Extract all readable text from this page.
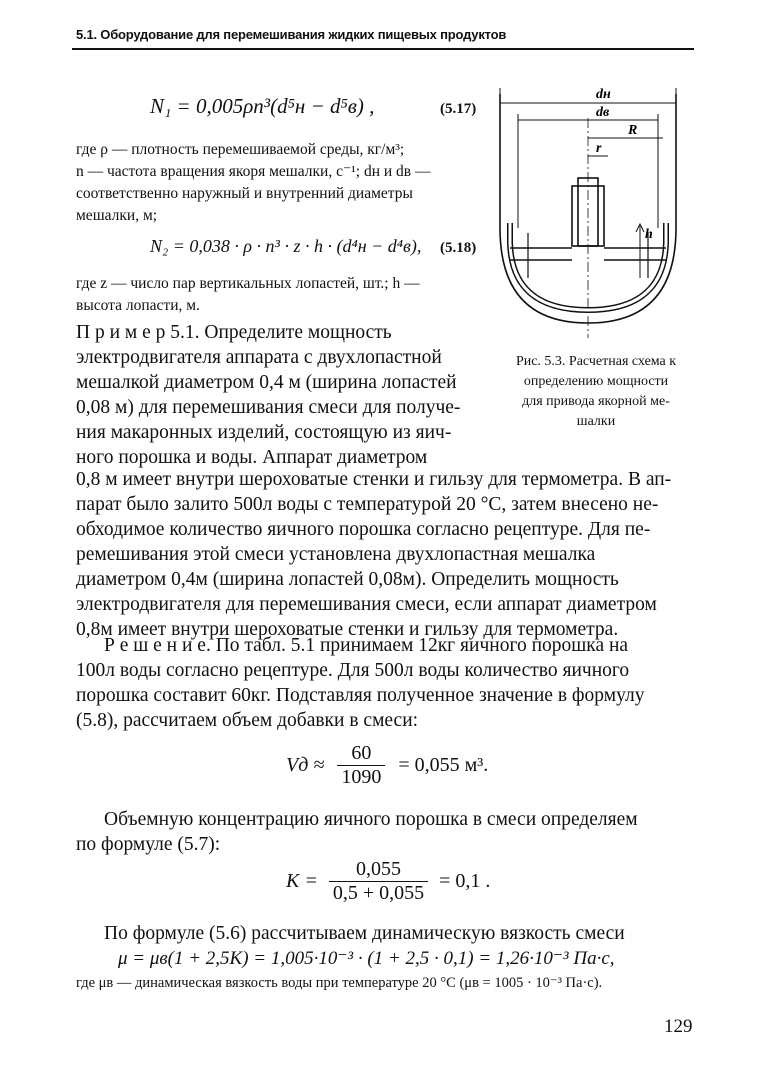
5.1. Оборудование для перемешивания жидких пищевых продуктов
N₁ = 0,005ρn³(d⁵н − d⁵в) ,	(5.17)
где ρ — плотность перемешиваемой среды, кг/м³;
n — частота вращения якоря мешалки, с⁻¹; dн и dв —
соответственно наружный и внутренний диаметры
мешалки, м;
N₂ = 0,038 · ρ · n³ · z · h · (d⁴н − d⁴в), (5.18)
где z — число пар вертикальных лопастей, шт.; h —
высота лопасти, м.
dн
dв
R
r
h
Рис. 5.3. Расчетная схема к
определению мощности
для привода якорной ме-
шалки
П р и м е р 5.1. Определите мощность
электродвигателя аппарата с двухлопастной
мешалкой диаметром 0,4 м (ширина лопастей
0,08 м) для перемешивания смеси для получе-
ния макаронных изделий, состоящую из яич-
ного порошка и воды. Аппарат диаметром
0,8 м имеет внутри шероховатые стенки и гильзу для термометра. В ап-
парат было залито 500л воды с температурой 20 °С, затем внесено не-
обходимое количество яичного порошка согласно рецептуре. Для пе-
ремешивания этой смеси установлена двухлопастная мешалка
диаметром 0,4м (ширина лопастей 0,08м). Определить мощность
электродвигателя для перемешивания смеси, если аппарат диаметром
0,8м имеет внутри шероховатые стенки и гильзу для термометра.
Р е ш е н и е. По табл. 5.1 принимаем 12кг яичного порошка на
100л воды согласно рецептуре. Для 500л воды количество яичного
порошка составит 60кг. Подставляя полученное значение в формулу
(5.8), рассчитаем объем добавки в смеси:
Vд ≈ $\frac{60}{1090} = 0,055$ м³.
Объемную концентрацию яичного порошка в смеси определяем
по формуле (5.7):
$K = \frac{0,055}{0,5 + 0,055} = 0,1$ .
По формуле (5.6) рассчитываем динамическую вязкость смеси
μ = μв(1 + 2,5K) = 1,005·10⁻³ · (1 + 2,5 · 0,1) = 1,26·10⁻³ Па·с,
где μв — динамическая вязкость воды при температуре 20 °С (μв = 1005 · 10⁻³ Па·с).
129
